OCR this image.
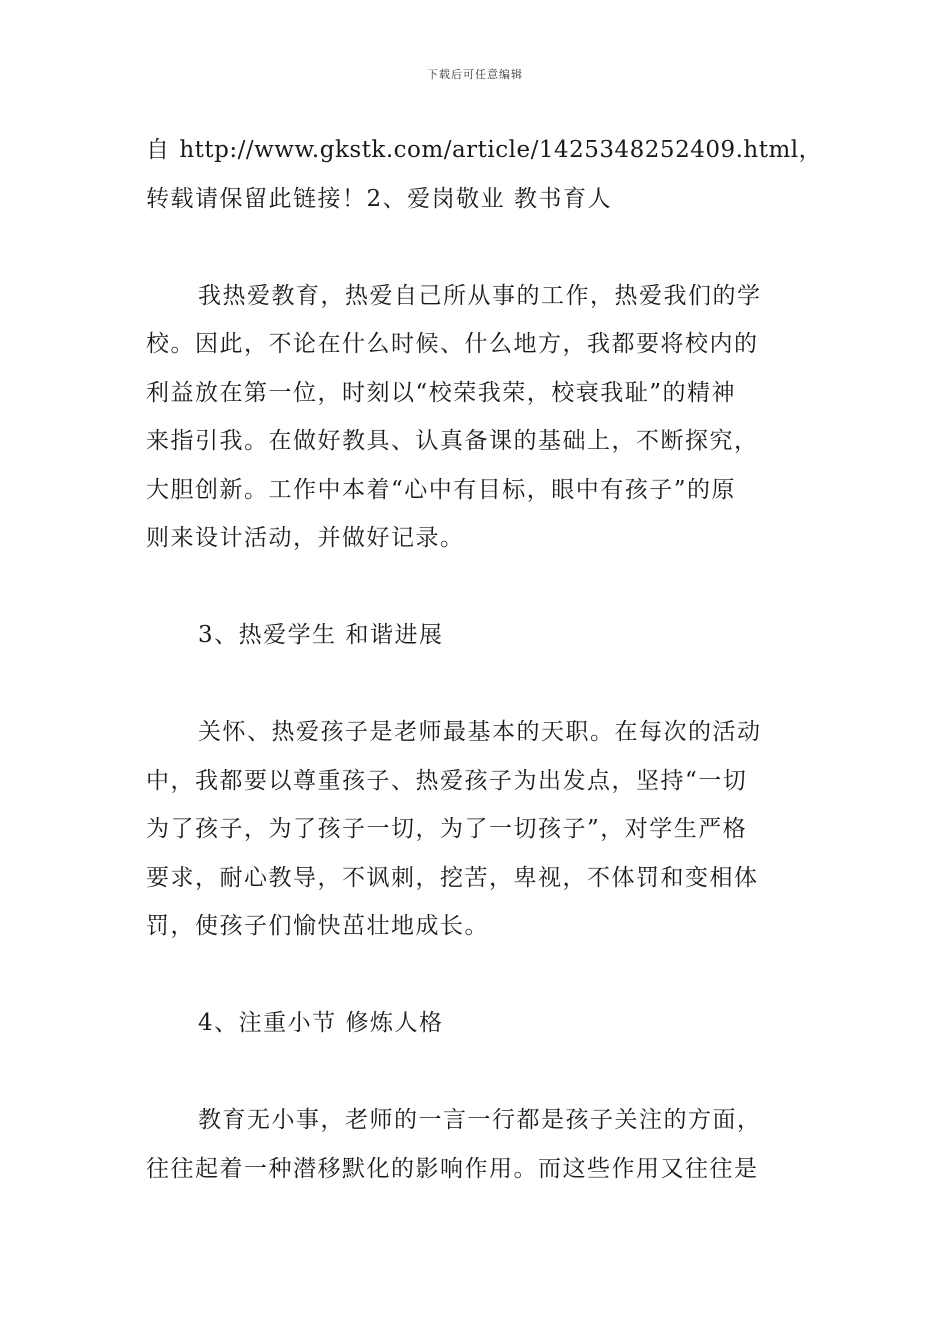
下载后可任意编辑
自 http://www.gkstk.com/article/1425348252409.html，
转载请保留此链接！2、爱岗敬业 教书育人
我热爱教育，热爱自己所从事的工作，热爱我们的学
校。因此，不论在什么时候、什么地方，我都要将校内的
利益放在第一位，时刻以“校荣我荣，校衰我耻”的精神
来指引我。在做好教具、认真备课的基础上，不断探究，
大胆创新。工作中本着“心中有目标，眼中有孩子”的原
则来设计活动，并做好记录。
3、热爱学生 和谐进展
关怀、热爱孩子是老师最基本的天职。在每次的活动
中，我都要以尊重孩子、热爱孩子为出发点，坚持“一切
为了孩子，为了孩子一切，为了一切孩子”，对学生严格
要求，耐心教导，不讽刺，挖苦，卑视，不体罚和变相体
罚，使孩子们愉快茁壮地成长。
4、注重小节 修炼人格
教育无小事，老师的一言一行都是孩子关注的方面，
往往起着一种潜移默化的影响作用。而这些作用又往往是
